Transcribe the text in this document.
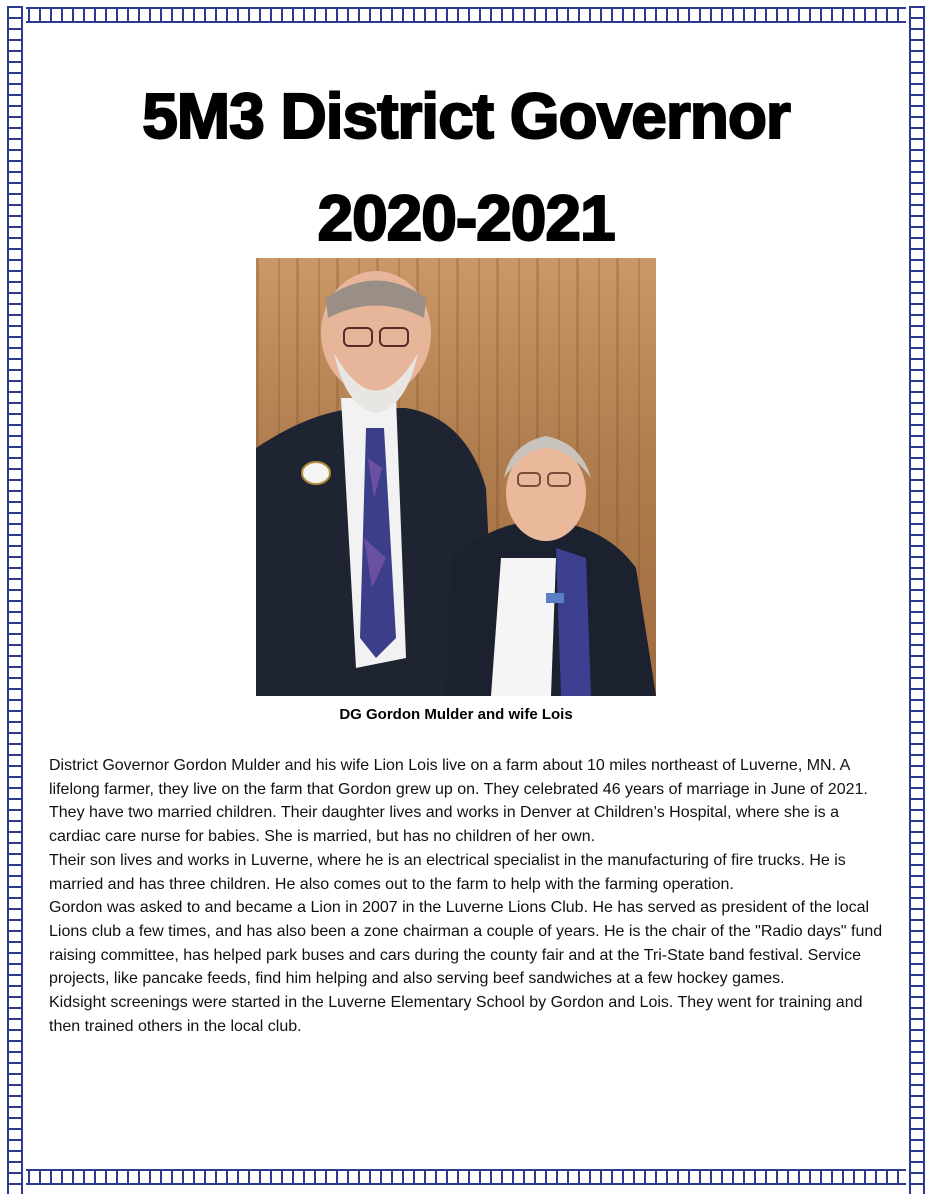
5M3 District Governor
2020-2021
DG Gordon Mulder and wife Lois

District Governor Gordon Mulder and his wife Lion Lois live on a farm about 10 miles northeast of Luverne, MN. A lifelong farmer, they live on the farm that Gordon grew up on. They celebrated 46 years of marriage in June of 2021.

They have two married children. Their daughter lives and works in Denver at Children’s Hospital, where she is a cardiac care nurse for babies. She is married, but has no children of her own.

Their son lives and works in Luverne, where he is an electrical specialist in the manufacturing of fire trucks. He is married and has three children. He also comes out to the farm to help with the farming operation.

Gordon was asked to and became a Lion in 2007 in the Luverne Lions Club. He has served as president of the local Lions club a few times, and has also been a zone chairman a couple of years. He is the chair of the "Radio days" fund raising committee, has helped park buses and cars during the county fair and at the Tri-State band festival. Service projects, like pancake feeds, find him helping and also serving beef sandwiches at a few hockey games.

Kidsight screenings were started in the Luverne Elementary School by Gordon and Lois. They went for training and then trained others in the local club.
